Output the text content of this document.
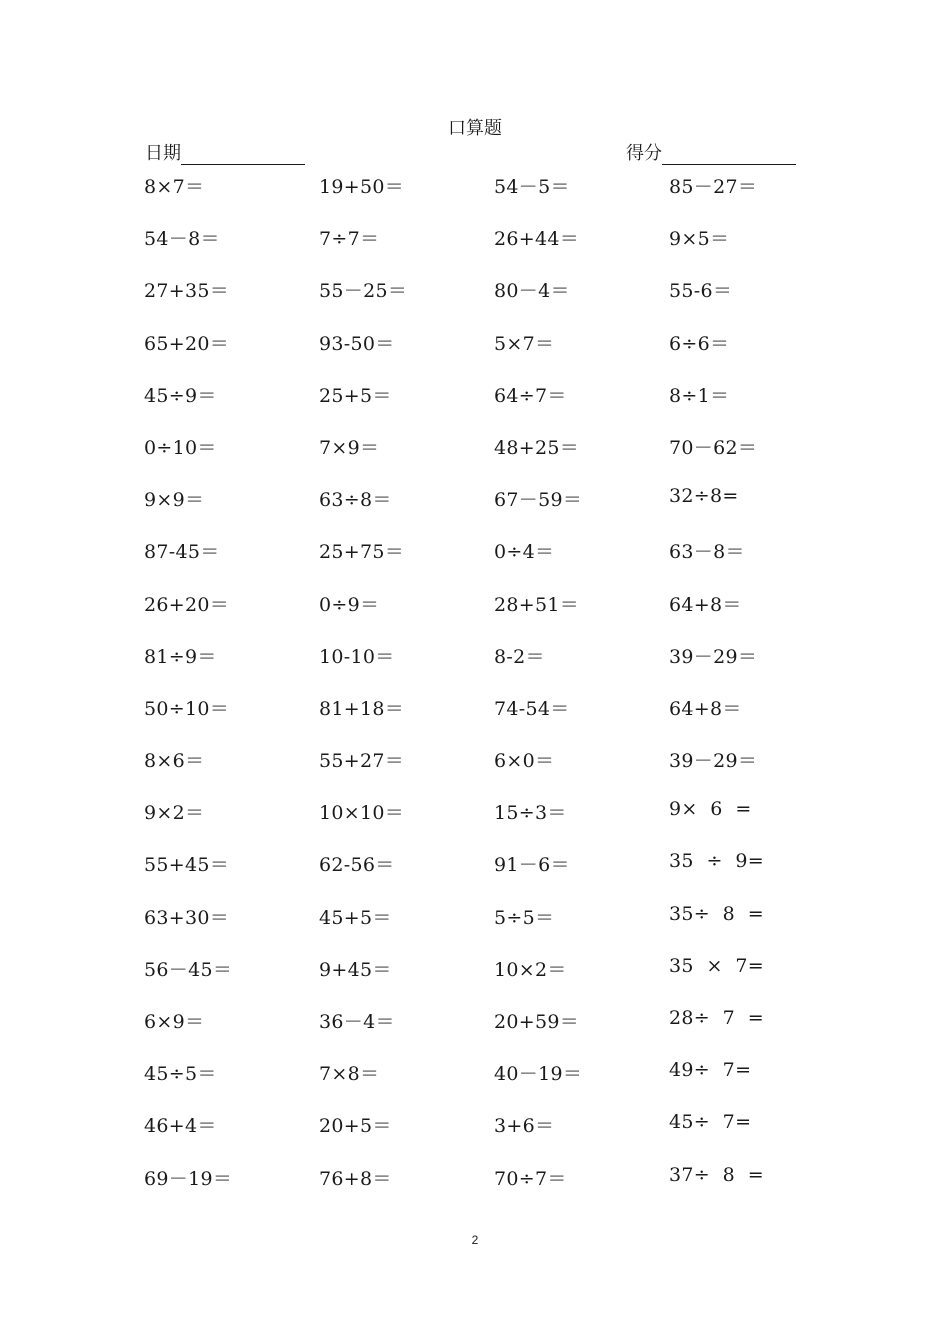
口算题
日期	得分
8×7＝	19+50＝	54－5＝	85－27＝
54－8＝	7÷7＝	26+44＝	9×5＝
27+35＝	55－25＝	80－4＝	55-6＝
65+20＝	93-50＝	5×7＝	6÷6＝
45÷9＝	25+5＝	64÷7＝	8÷1＝
0÷10＝	7×9＝	48+25＝	70－62＝
9×9＝	63÷8＝	67－59＝	32÷8=
87-45＝	25+75＝	0÷4＝	63－8＝
26+20＝	0÷9＝	28+51＝	64+8＝
81÷9＝	10-10＝	8-2＝	39－29＝
50÷10＝	81+18＝	74-54＝	64+8＝
8×6＝	55+27＝	6×0＝	39－29＝
9×2＝	10×10＝	15÷3＝	9×  6  =
55+45＝	62-56＝	91－6＝	35  ÷  9=
63+30＝	45+5＝	5÷5＝	35÷  8  =
56－45＝	9+45＝	10×2＝	35  ×  7=
6×9＝	36－4＝	20+59＝	28÷  7  =
45÷5＝	7×8＝	40－19＝	49÷  7=
46+4＝	20+5＝	3+6＝	45÷  7=
69－19＝	76+8＝	70÷7＝	37÷  8  =
2
